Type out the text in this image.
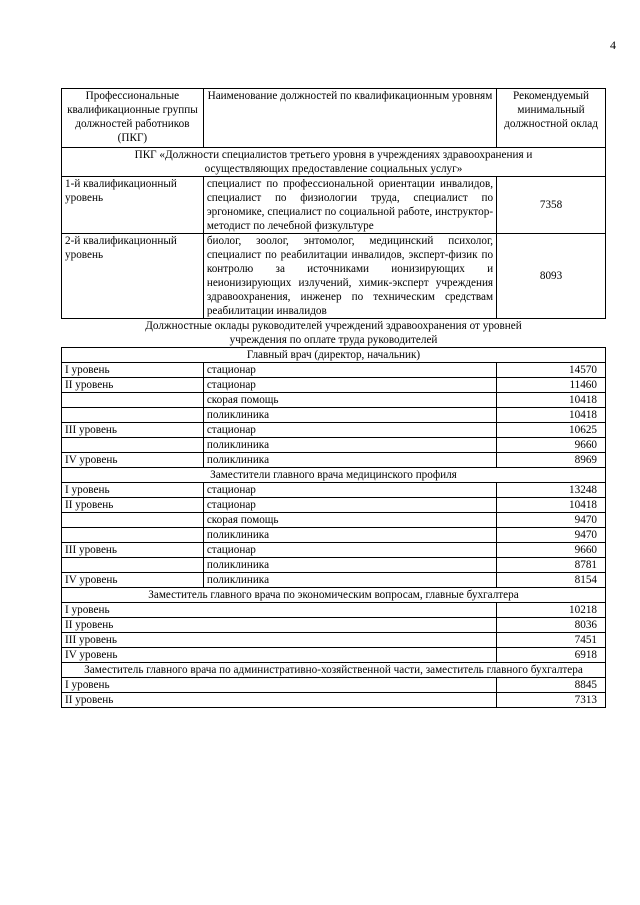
4
Профессиональные квалификационные группы должностей работников (ПКГ)	Наименование должностей по квалификационным уровням	Рекомендуемый минимальный должностной оклад
ПКГ «Должности специалистов третьего уровня в учреждениях здравоохранения и осуществляющих предоставление социальных услуг»		
1-й квалификационный уровень	специалист по профессиональной ориентации инвалидов, специалист по физиологии труда, специалист по эргономике, специалист по социальной работе, инструктор-методист по лечебной физкультуре	7358
2-й квалификационный уровень	биолог, зоолог, энтомолог, медицинский психолог, специалист по реабилитации инвалидов, эксперт-физик по контролю за источниками ионизирующих и неионизирующих излучений, химик-эксперт учреждения здравоохранения, инженер по техническим средствам реабилитации инвалидов	8093
Должностные оклады руководителей учреждений здравоохранения от уровней учреждения по оплате труда руководителей		
Главный врач (директор, начальник)		
I уровень	стационар	14570
II уровень	стационар	11460
	скорая помощь	10418
	поликлиника	10418
III уровень	стационар	10625
	поликлиника	9660
IV уровень	поликлиника	8969
Заместители главного врача медицинского профиля		
I уровень	стационар	13248
II уровень	стационар	10418
	скорая помощь	9470
	поликлиника	9470
III уровень	стационар	9660
	поликлиника	8781
IV уровень	поликлиника	8154
Заместитель главного врача по экономическим вопросам, главные бухгалтера		
I уровень		10218
II уровень		8036
III уровень		7451
IV уровень		6918
Заместитель главного врача по административно-хозяйственной части, заместитель главного бухгалтера		
I уровень		8845
II уровень		7313
